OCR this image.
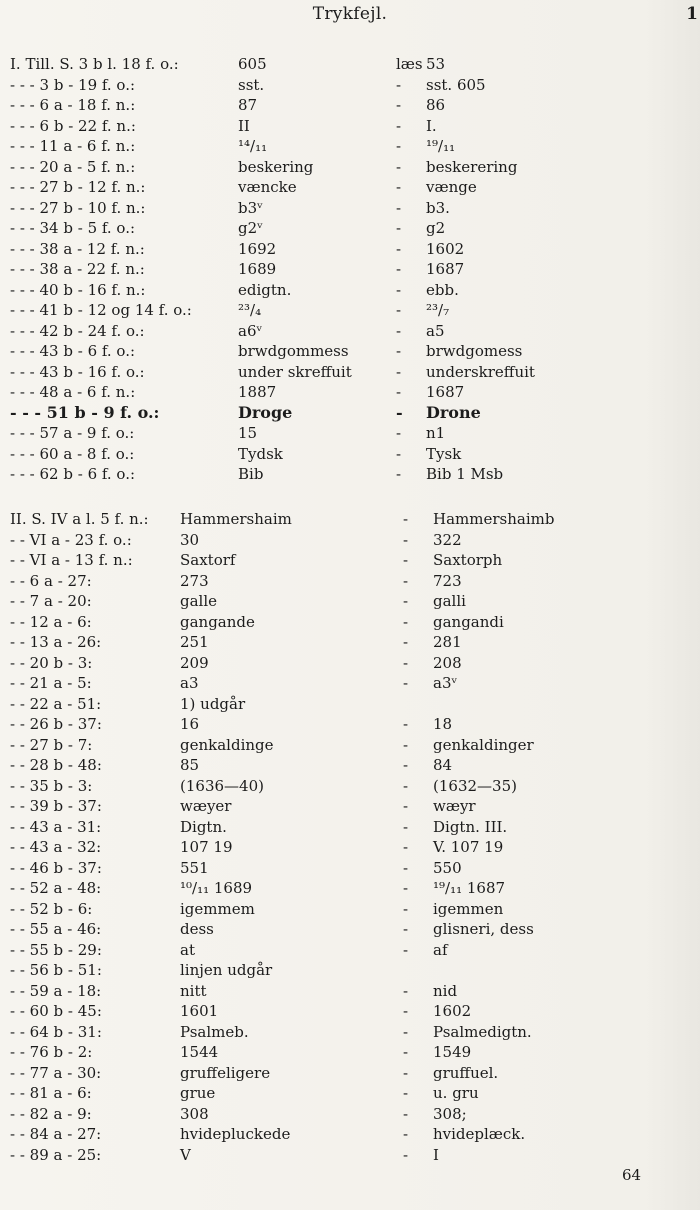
Trykfejl.	1
I. Till. S. 3 b l. 18 f. o.:	605	læs 53
- - - 3 b - 19 f. o.:	sst.	- sst. 605
- - - 6 a - 18 f. n.:	87	- 86
- - - 6 b - 22 f. n.:	II	- I.
- - - 11 a - 6 f. n.:	¹⁴/₁₁	- ¹⁹/₁₁
- - - 20 a - 5 f. n.:	beskering	- beskerering
- - - 27 b - 12 f. n.:	væncke	- vænge
- - - 27 b - 10 f. n.:	b3ᵛ	- b3.
- - - 34 b - 5 f. o.:	g2ᵛ	- g2
- - - 38 a - 12 f. n.:	1692	- 1602
- - - 38 a - 22 f. n.:	1689	- 1687
- - - 40 b - 16 f. n.:	edigtn.	- ebb.
- - - 41 b - 12 og 14 f. o.:	²³/₄	- ²³/₇
- - - 42 b - 24 f. o.:	a6ᵛ	- a5
- - - 43 b - 6 f. o.:	brwdgommess	- brwdgomess
- - - 43 b - 16 f. o.:	under skreffuit	- underskreffuit
- - - 48 a - 6 f. n.:	1887	- 1687
- - - 51 b - 9 f. o.:	Droge	- Drone
- - - 57 a - 9 f. o.:	15	- n1
- - - 60 a - 8 f. o.:	Tydsk	- Tysk
- - - 62 b - 6 f. o.:	Bib	- Bib 1 Msb
II. S. IV a l. 5 f. n.: Hammershaim	- Hammershaimb
- - VI a - 23 f. o.:	30	- 322
- - VI a - 13 f. n.:	Saxtorf	- Saxtorph
- - 6 a - 27:	273	- 723
- - 7 a - 20:	galle	- galli
- - 12 a - 6:	gangande	- gangandi
- - 13 a - 26:	251	- 281
- - 20 b - 3:	209	- 208
- - 21 a - 5:	a3	- a3ᵛ
- - 22 a - 51:	1) udgår
- - 26 b - 37:	16	- 18
- - 27 b - 7:	genkaldinge	- genkaldinger
- - 28 b - 48:	85	- 84
- - 35 b - 3:	(1636—40)	- (1632—35)
- - 39 b - 37:	wæyer	- wæyr
- - 43 a - 31:	Digtn.	- Digtn. III.
- - 43 a - 32:	107 19	- V. 107 19
- - 46 b - 37:	551	- 550
- - 52 a - 48:	¹⁰/₁₁ 1689	- ¹⁹/₁₁ 1687
- - 52 b - 6:	igemmem	- igemmen
- - 55 a - 46:	dess	- glisneri, dess
- - 55 b - 29:	at	- af
- - 56 b - 51:	linjen udgår
- - 59 a - 18:	nitt	- nid
- - 60 b - 45:	1601	- 1602
- - 64 b - 31:	Psalmeb.	- Psalmedigtn.
- - 76 b - 2:	1544	- 1549
- - 77 a - 30:	gruffeligere	- gruffuel.
- - 81 a - 6:	grue	- u. gru
- - 82 a - 9:	308	- 308;
- - 84 a - 27:	hvidepluckede	- hvideplæck.
- - 89 a - 25:	V	- I
64
